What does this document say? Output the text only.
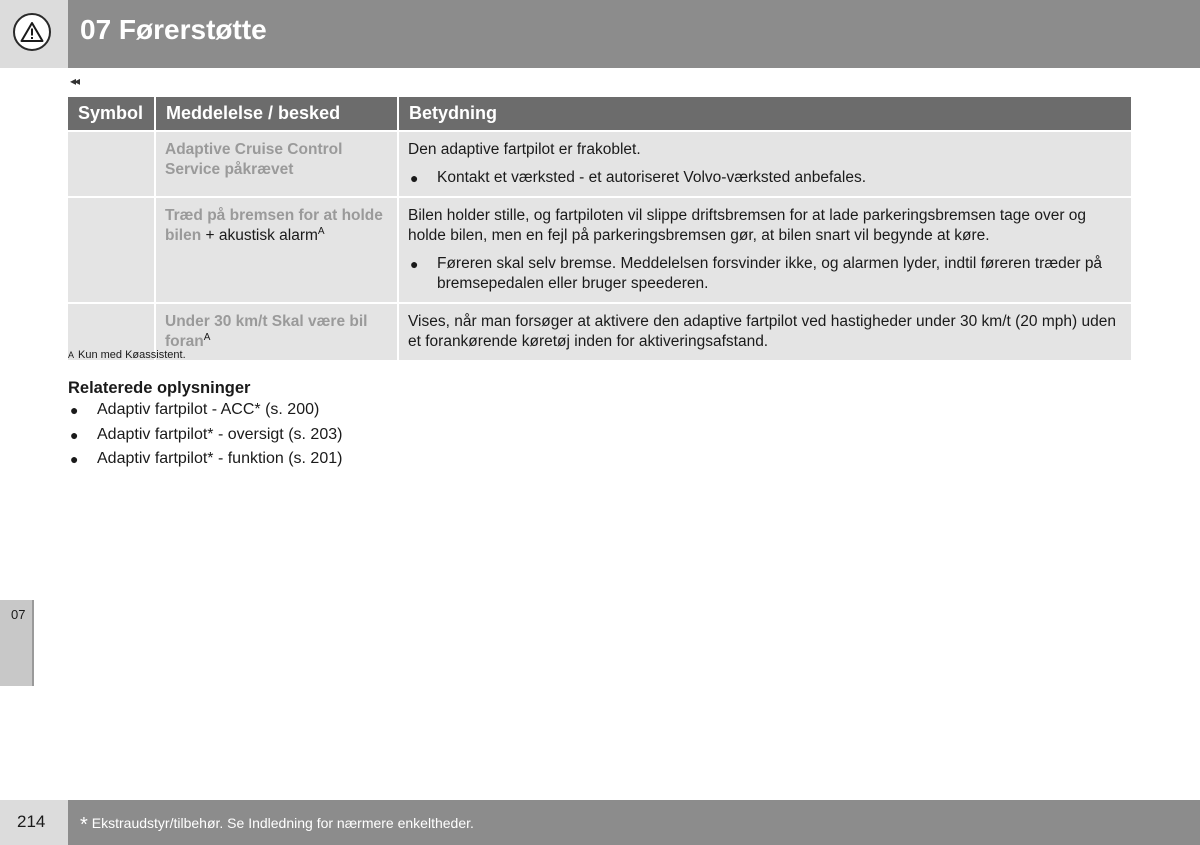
07 Førerstøtte
◂◂
Symbol	Meddelelse / besked	Betydning
	Adaptive Cruise Control Service påkrævet	Den adaptive fartpilot er frakoblet.

● Kontakt et værksted - et autoriseret Volvo-værksted anbefales.

	Træd på bremsen for at holde bilen + akustisk alarm$^A$	Bilen holder stille, og fartpiloten vil slippe driftsbremsen for at lade parkeringsbremsen tage over og holde bilen, men en fejl på parkeringsbremsen gør, at bilen snart vil begynde at køre.

● Føreren skal selv bremse. Meddelelsen forsvinder ikke, og alarmen lyder, indtil føreren træder på bremsepedalen eller bruger speederen.

	Under 30 km/t Skal være bil foran$^A$	Vises, når man forsøger at aktivere den adaptive fartpilot ved hastigheder under 30 km/t (20 mph) uden et forankørende køretøj inden for aktiveringsafstand.

A Kun med Køassistent.
Relaterede oplysninger
●	Adaptiv fartpilot - ACC* (s. 200)
●	Adaptiv fartpilot* - oversigt (s. 203)
●	Adaptiv fartpilot* - funktion (s. 201)
07
214 * Ekstraudstyr/tilbehør. Se Indledning for nærmere enkeltheder.
